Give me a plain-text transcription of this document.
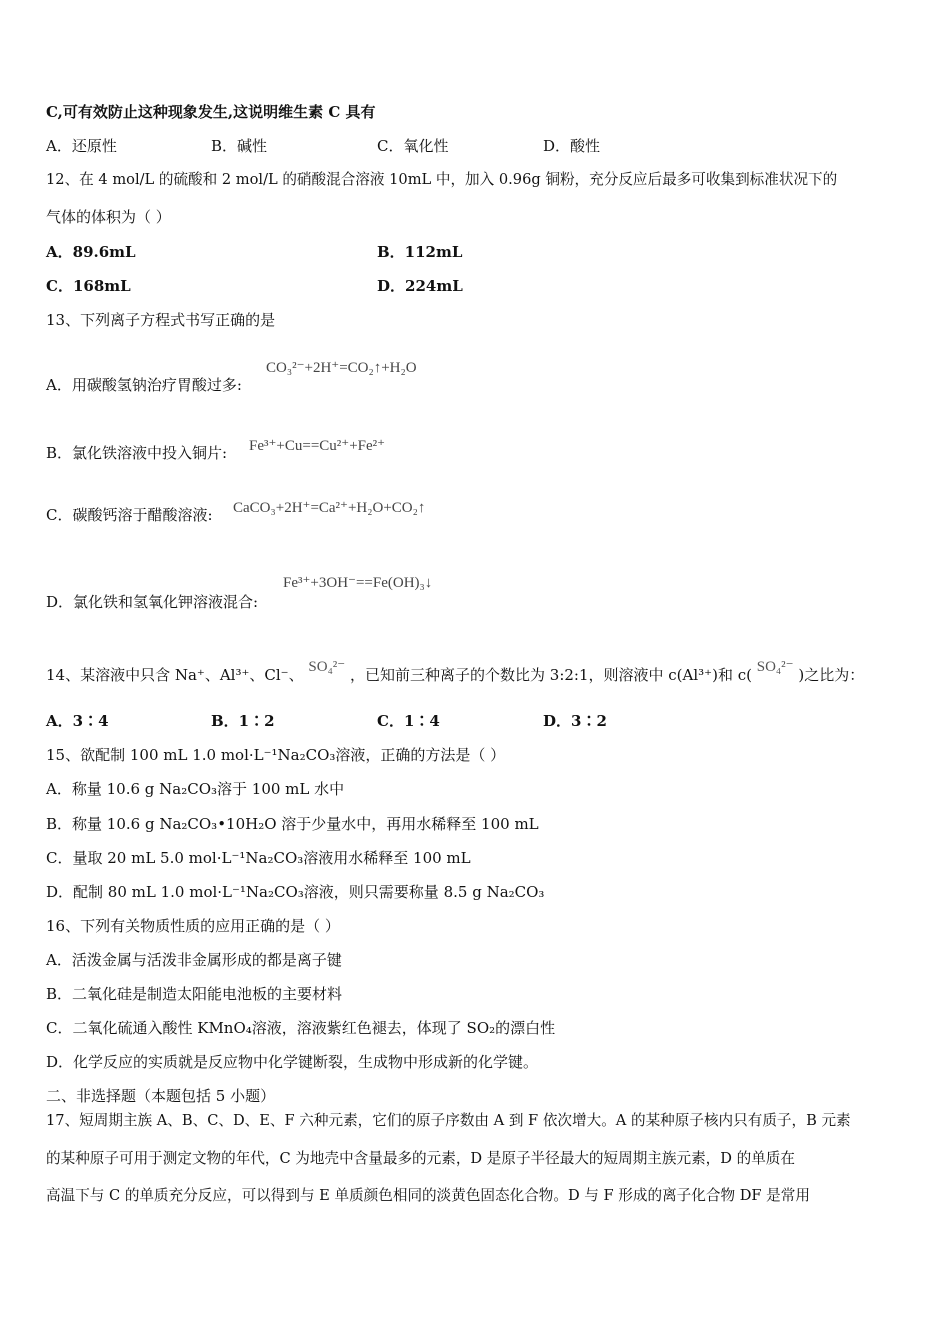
C,可有效防止这种现象发生,这说明维生素 C 具有
A．还原性	B．碱性	C．氧化性	D．酸性
12、在 4 mol/L 的硫酸和 2 mol/L 的硝酸混合溶液 10mL 中，加入 0.96g 铜粉，充分反应后最多可收集到标准状况下的
气体的体积为（ ）
A．89.6mL	B．112mL
C．168mL	D．224mL
13、下列离子方程式书写正确的是
A．用碳酸氢钠治疗胃酸过多:
CO₃²⁻+2H⁺=CO₂↑+H₂O
B．氯化铁溶液中投入铜片: Fe³⁺+Cu==Cu²⁺+Fe²⁺
C．碳酸钙溶于醋酸溶液: CaCO₃+2H⁺=Ca²⁺+H₂O+CO₂↑
D．氯化铁和氢氧化钾溶液混合:
Fe³⁺+3OH⁻==Fe(OH)₃↓
14、某溶液中只含 Na⁺、Al³⁺、Cl⁻、 SO₄²⁻ ，已知前三种离子的个数比为 3:2:1，则溶液中 c(Al³⁺)和 c( SO₄²⁻ )之比为：
A．3∶4	B．1∶2	C．1∶4	D．3∶2
15、欲配制 100 mL 1.0 mol·L⁻¹Na₂CO₃溶液，正确的方法是（ ）
A．称量 10.6 g Na₂CO₃溶于 100 mL 水中
B．称量 10.6 g Na₂CO₃•10H₂O 溶于少量水中，再用水稀释至 100 mL
C．量取 20 mL 5.0 mol·L⁻¹Na₂CO₃溶液用水稀释至 100 mL
D．配制 80 mL 1.0 mol·L⁻¹Na₂CO₃溶液，则只需要称量 8.5 g Na₂CO₃
16、下列有关物质性质的应用正确的是（ ）
A．活泼金属与活泼非金属形成的都是离子键
B．二氧化硅是制造太阳能电池板的主要材料
C．二氧化硫通入酸性 KMnO₄溶液，溶液紫红色褪去，体现了 SO₂的漂白性
D．化学反应的实质就是反应物中化学键断裂，生成物中形成新的化学键。
二、非选择题（本题包括 5 小题）
17、短周期主族 A、B、C、D、E、F 六种元素，它们的原子序数由 A 到 F 依次增大。A 的某种原子核内只有质子，B 元素
的某种原子可用于测定文物的年代，C 为地壳中含量最多的元素，D 是原子半径最大的短周期主族元素，D 的单质在
高温下与 C 的单质充分反应，可以得到与 E 单质颜色相同的淡黄色固态化合物。D 与 F 形成的离子化合物 DF 是常用
